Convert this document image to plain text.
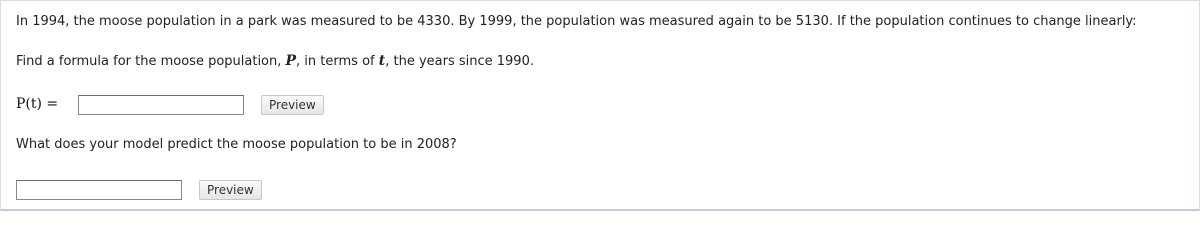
In 1994, the moose population in a park was measured to be 4330. By 1999, the population was measured again to be 5130. If the population continues to change linearly:
Find a formula for the moose population, P, in terms of t, the years since 1990.
P(t) =	Preview
What does your model predict the moose population to be in 2008?
Preview
